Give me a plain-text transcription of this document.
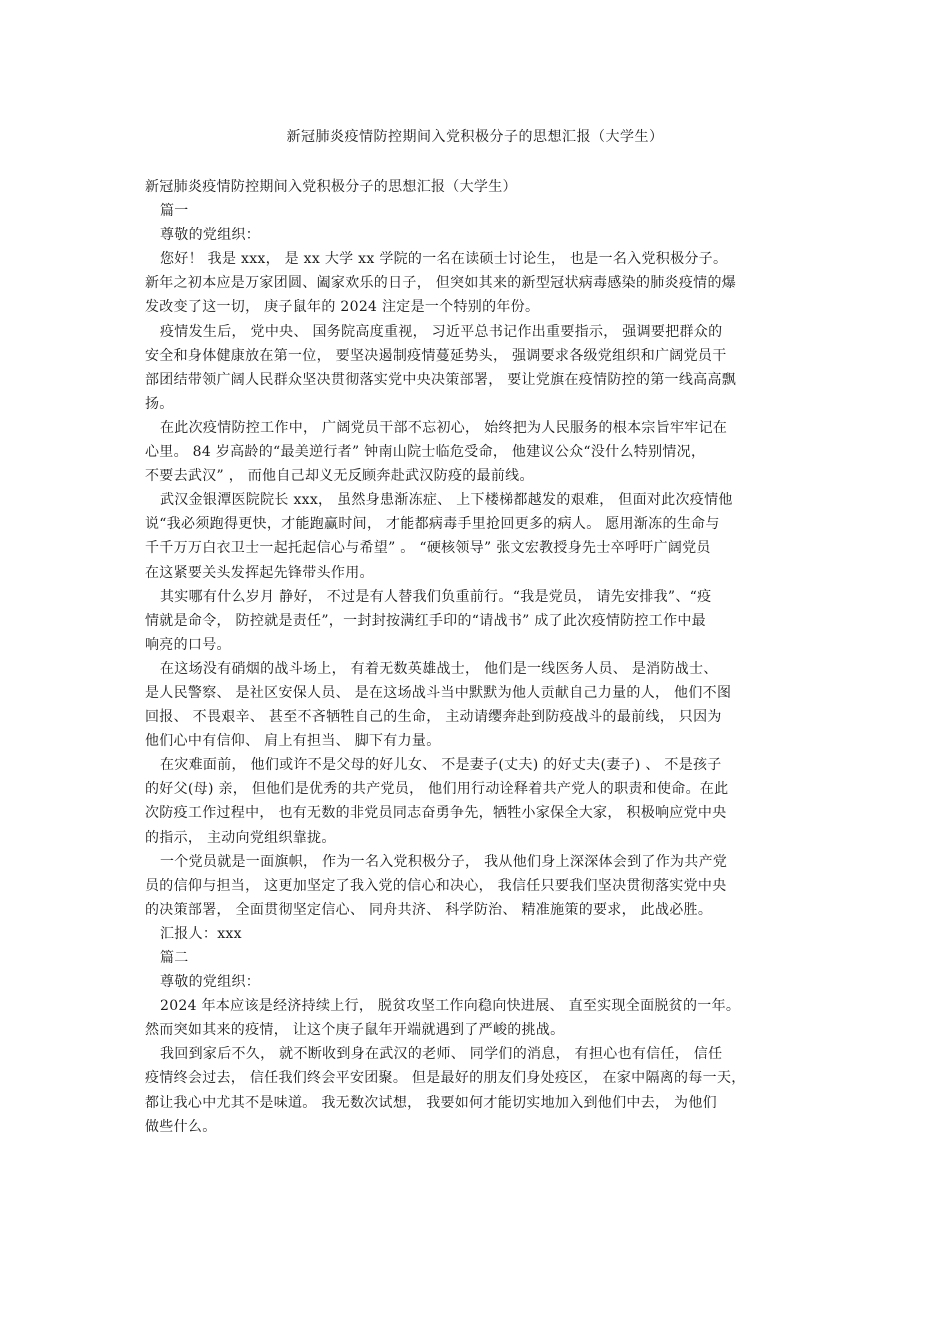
新冠肺炎疫情防控期间入党积极分子的思想汇报（大学生）
新冠肺炎疫情防控期间入党积极分子的思想汇报（大学生）
篇一
尊敬的党组织：
您好！ 我是 xxx， 是 xx 大学 xx 学院的一名在读硕士讨论生， 也是一名入党积极分子。
新年之初本应是万家团圆、阖家欢乐的日子， 但突如其来的新型冠状病毒感染的肺炎疫情的爆
发改变了这一切， 庚子鼠年的 2024 注定是一个特别的年份。
疫情发生后， 党中央、 国务院高度重视， 习近平总书记作出重要指示， 强调要把群众的
安全和身体健康放在第一位， 要坚决遏制疫情蔓延势头， 强调要求各级党组织和广阔党员干
部团结带领广阔人民群众坚决贯彻落实党中央决策部署， 要让党旗在疫情防控的第一线高高飘
扬。
在此次疫情防控工作中， 广阔党员干部不忘初心， 始终把为人民服务的根本宗旨牢牢记在
心里。 84 岁高龄的“最美逆行者” 钟南山院士临危受命， 他建议公众“没什么特别情况，
不要去武汉” ， 而他自己却义无反顾奔赴武汉防疫的最前线。
武汉金银潭医院院长 xxx， 虽然身患渐冻症、 上下楼梯都越发的艰难， 但面对此次疫情他
说“我必须跑得更快，才能跑赢时间， 才能都病毒手里抢回更多的病人。 愿用渐冻的生命与
千千万万白衣卫士一起托起信心与希望” 。 “硬核领导” 张文宏教授身先士卒呼吁广阔党员
在这紧要关头发挥起先锋带头作用。
其实哪有什么岁月 静好， 不过是有人替我们负重前行。“我是党员， 请先安排我”、“疫
情就是命令， 防控就是责任”，一封封按满红手印的“请战书” 成了此次疫情防控工作中最
响亮的口号。
在这场没有硝烟的战斗场上， 有着无数英雄战士， 他们是一线医务人员、 是消防战士、
是人民警察、 是社区安保人员、 是在这场战斗当中默默为他人贡献自己力量的人， 他们不图
回报、 不畏艰辛、 甚至不吝牺牲自己的生命， 主动请缨奔赴到防疫战斗的最前线， 只因为
他们心中有信仰、 肩上有担当、 脚下有力量。
在灾难面前， 他们或许不是父母的好儿女、 不是妻子(丈夫) 的好丈夫(妻子) 、 不是孩子
的好父(母) 亲， 但他们是优秀的共产党员， 他们用行动诠释着共产党人的职责和使命。在此
次防疫工作过程中， 也有无数的非党员同志奋勇争先，牺牲小家保全大家， 积极响应党中央
的指示， 主动向党组织靠拢。
一个党员就是一面旗帜， 作为一名入党积极分子， 我从他们身上深深体会到了作为共产党
员的信仰与担当， 这更加坚定了我入党的信心和决心， 我信任只要我们坚决贯彻落实党中央
的决策部署， 全面贯彻坚定信心、 同舟共济、 科学防治、 精准施策的要求， 此战必胜。
汇报人：xxx
篇二
尊敬的党组织：
2024 年本应该是经济持续上行， 脱贫攻坚工作向稳向快进展、 直至实现全面脱贫的一年。
然而突如其来的疫情， 让这个庚子鼠年开端就遇到了严峻的挑战。
我回到家后不久， 就不断收到身在武汉的老师、 同学们的消息， 有担心也有信任， 信任
疫情终会过去， 信任我们终会平安团聚。 但是最好的朋友们身处疫区， 在家中隔离的每一天，
都让我心中尤其不是味道。 我无数次试想， 我要如何才能切实地加入到他们中去， 为他们
做些什么。
